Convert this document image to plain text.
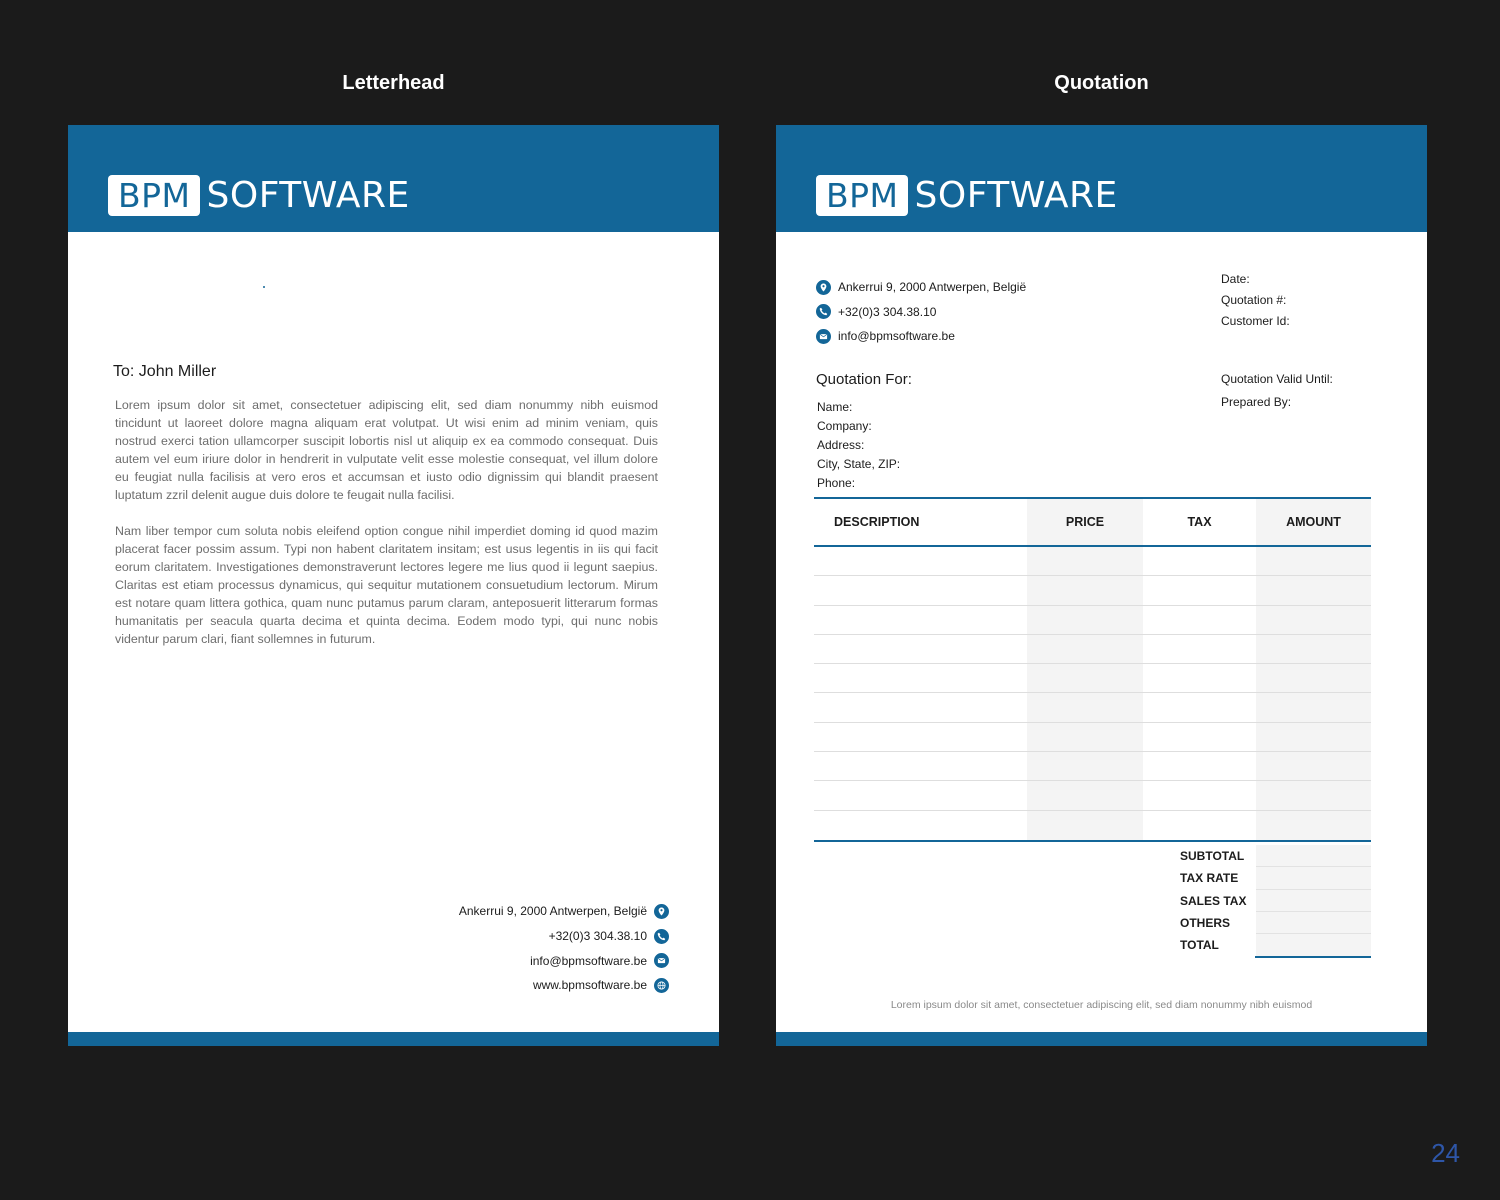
Letterhead	Quotation
BPM SOFTWARE
To: John Miller
Lorem ipsum dolor sit amet, consectetuer adipiscing elit, sed diam nonummy nibh euismod tincidunt ut laoreet dolore magna aliquam erat volutpat. Ut wisi enim ad minim veniam, quis nostrud exerci tation ullamcorper suscipit lobortis nisl ut aliquip ex ea commodo consequat. Duis autem vel eum iriure dolor in hendrerit in vulputate velit esse molestie consequat, vel illum dolore eu feugiat nulla facilisis at vero eros et accumsan et iusto odio dignissim qui blandit praesent luptatum zzril delenit augue duis dolore te feugait nulla facilisi.
Nam liber tempor cum soluta nobis eleifend option congue nihil imperdiet doming id quod mazim placerat facer possim assum. Typi non habent claritatem insitam; est usus legentis in iis qui facit eorum claritatem. Investigationes demonstraverunt lectores legere me lius quod ii legunt saepius. Claritas est etiam processus dynamicus, qui sequitur mutationem consuetudium lectorum. Mirum est notare quam littera gothica, quam nunc putamus parum claram, anteposuerit litterarum formas humanitatis per seacula quarta decima et quinta decima. Eodem modo typi, qui nunc nobis videntur parum clari, fiant sollemnes in futurum.
Ankerrui 9, 2000 Antwerpen, België
+32(0)3 304.38.10
info@bpmsoftware.be
www.bpmsoftware.be
BPM SOFTWARE
Ankerrui 9, 2000 Antwerpen, België
+32(0)3 304.38.10
info@bpmsoftware.be
Date:
Quotation #:
Customer Id:
Quotation Valid Until:
Prepared By:
Quotation For:
Name:
Company:
Address:
City, State, ZIP:
Phone:
DESCRIPTION	PRICE	TAX	AMOUNT
SUBTOTAL
TAX RATE
SALES TAX
OTHERS
TOTAL
Lorem ipsum dolor sit amet, consectetuer adipiscing elit, sed diam nonummy nibh euismod
24
